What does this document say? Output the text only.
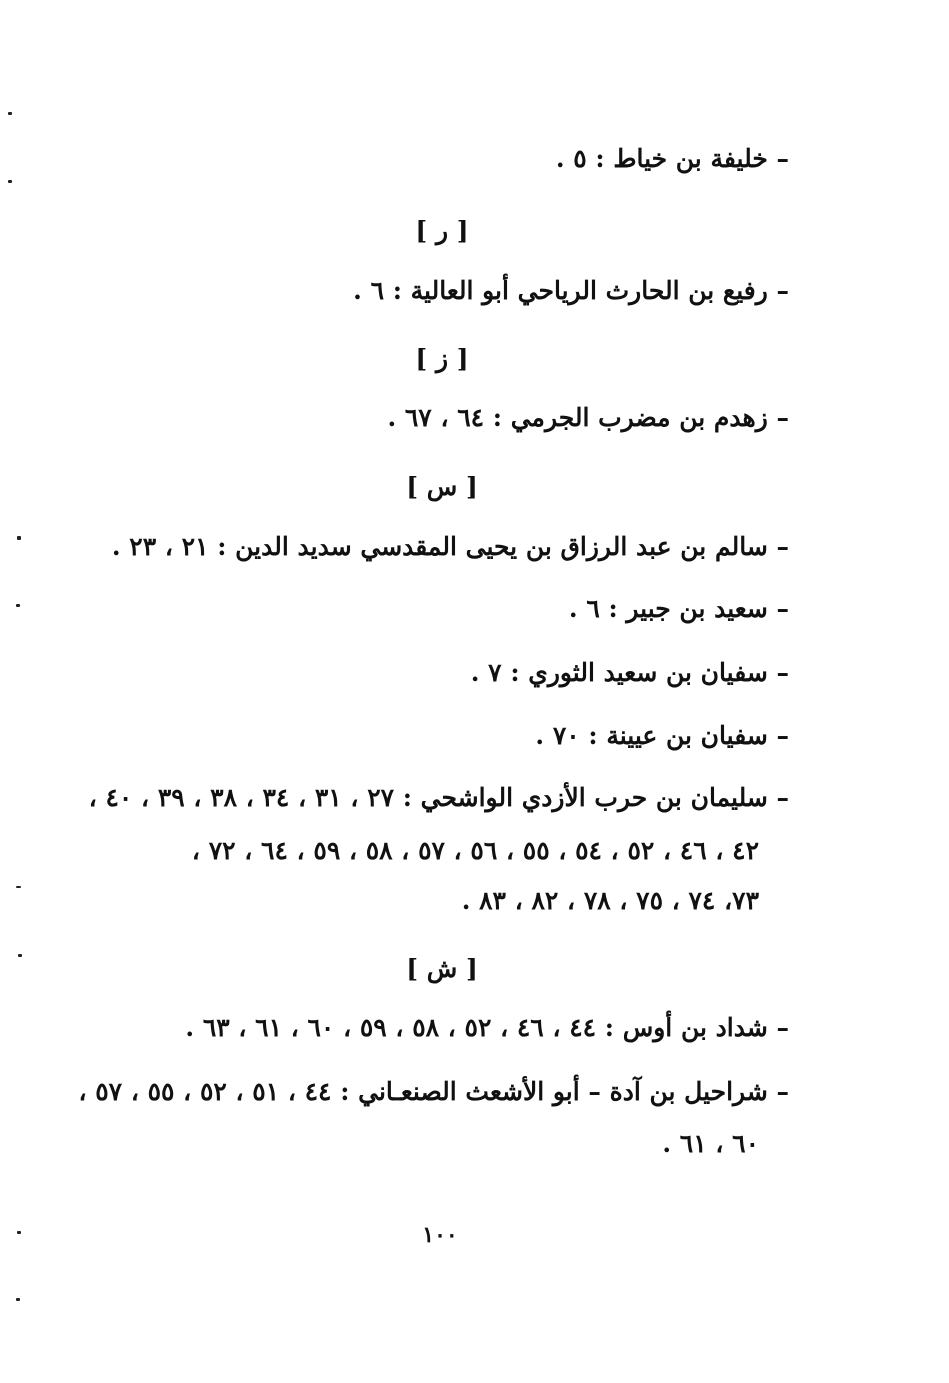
– خليفة بن خياط : ٥ .
[ ر ]
– رفيع بن الحارث الرياحي أبو العالية : ٦ .
[ ز ]
– زهدم بن مضرب الجرمي : ٦٤ ، ٦٧ .
[ س ]
– سالم بن عبد الرزاق بن يحيى المقدسي سديد الدين : ٢١ ، ٢٣ .
– سعيد بن جبير : ٦ .
– سفيان بن سعيد الثوري : ٧ .
– سفيان بن عيينة : ٧٠ .
– سليمان بن حرب الأزدي الواشحي : ٢٧ ، ٣١ ، ٣٤ ، ٣٨ ، ٣٩ ، ٤٠ ،
٤٢ ، ٤٦ ، ٥٢ ، ٥٤ ، ٥٥ ، ٥٦ ، ٥٧ ، ٥٨ ، ٥٩ ، ٦٤ ، ٧٢ ،
٧٣، ٧٤ ، ٧٥ ، ٧٨ ، ٨٢ ، ٨٣ .
[ ش ]
– شداد بن أوس : ٤٤ ، ٤٦ ، ٥٢ ، ٥٨ ، ٥٩ ، ٦٠ ، ٦١ ، ٦٣ .
– شراحيل بن آدة – أبو الأشعث الصنعـاني : ٤٤ ، ٥١ ، ٥٢ ، ٥٥ ، ٥٧ ،
٦٠ ، ٦١ .
١٠٠
